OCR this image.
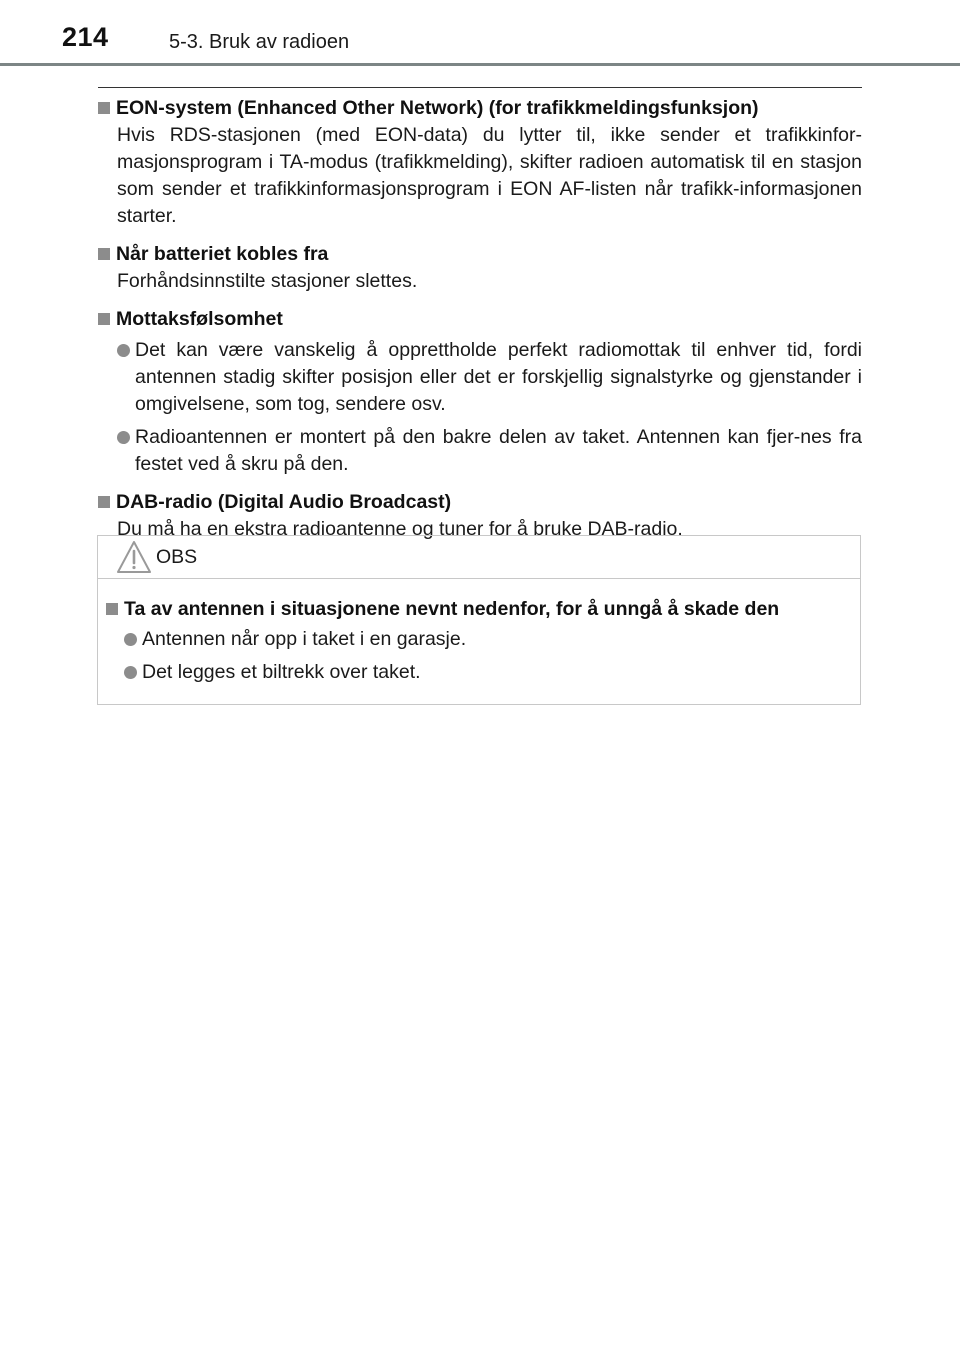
214	5-3. Bruk av radioen
EON-system (Enhanced Other Network) (for trafikkmeldingsfunksjon)
Hvis RDS-stasjonen (med EON-data) du lytter til, ikke sender et trafikkinfor-masjonsprogram i TA-modus (trafikkmelding), skifter radioen automatisk til en stasjon som sender et trafikkinformasjonsprogram i EON AF-listen når trafikk-informasjonen starter.
Når batteriet kobles fra
Forhåndsinnstilte stasjoner slettes.
Mottaksfølsomhet
Det kan være vanskelig å opprettholde perfekt radiomottak til enhver tid, fordi antennen stadig skifter posisjon eller det er forskjellig signalstyrke og gjenstander i omgivelsene, som tog, sendere osv.
Radioantennen er montert på den bakre delen av taket. Antennen kan fjer-nes fra festet ved å skru på den.
DAB-radio (Digital Audio Broadcast)
Du må ha en ekstra radioantenne og tuner for å bruke DAB-radio.
OBS
Ta av antennen i situasjonene nevnt nedenfor, for å unngå å skade den
Antennen når opp i taket i en garasje.
Det legges et biltrekk over taket.
